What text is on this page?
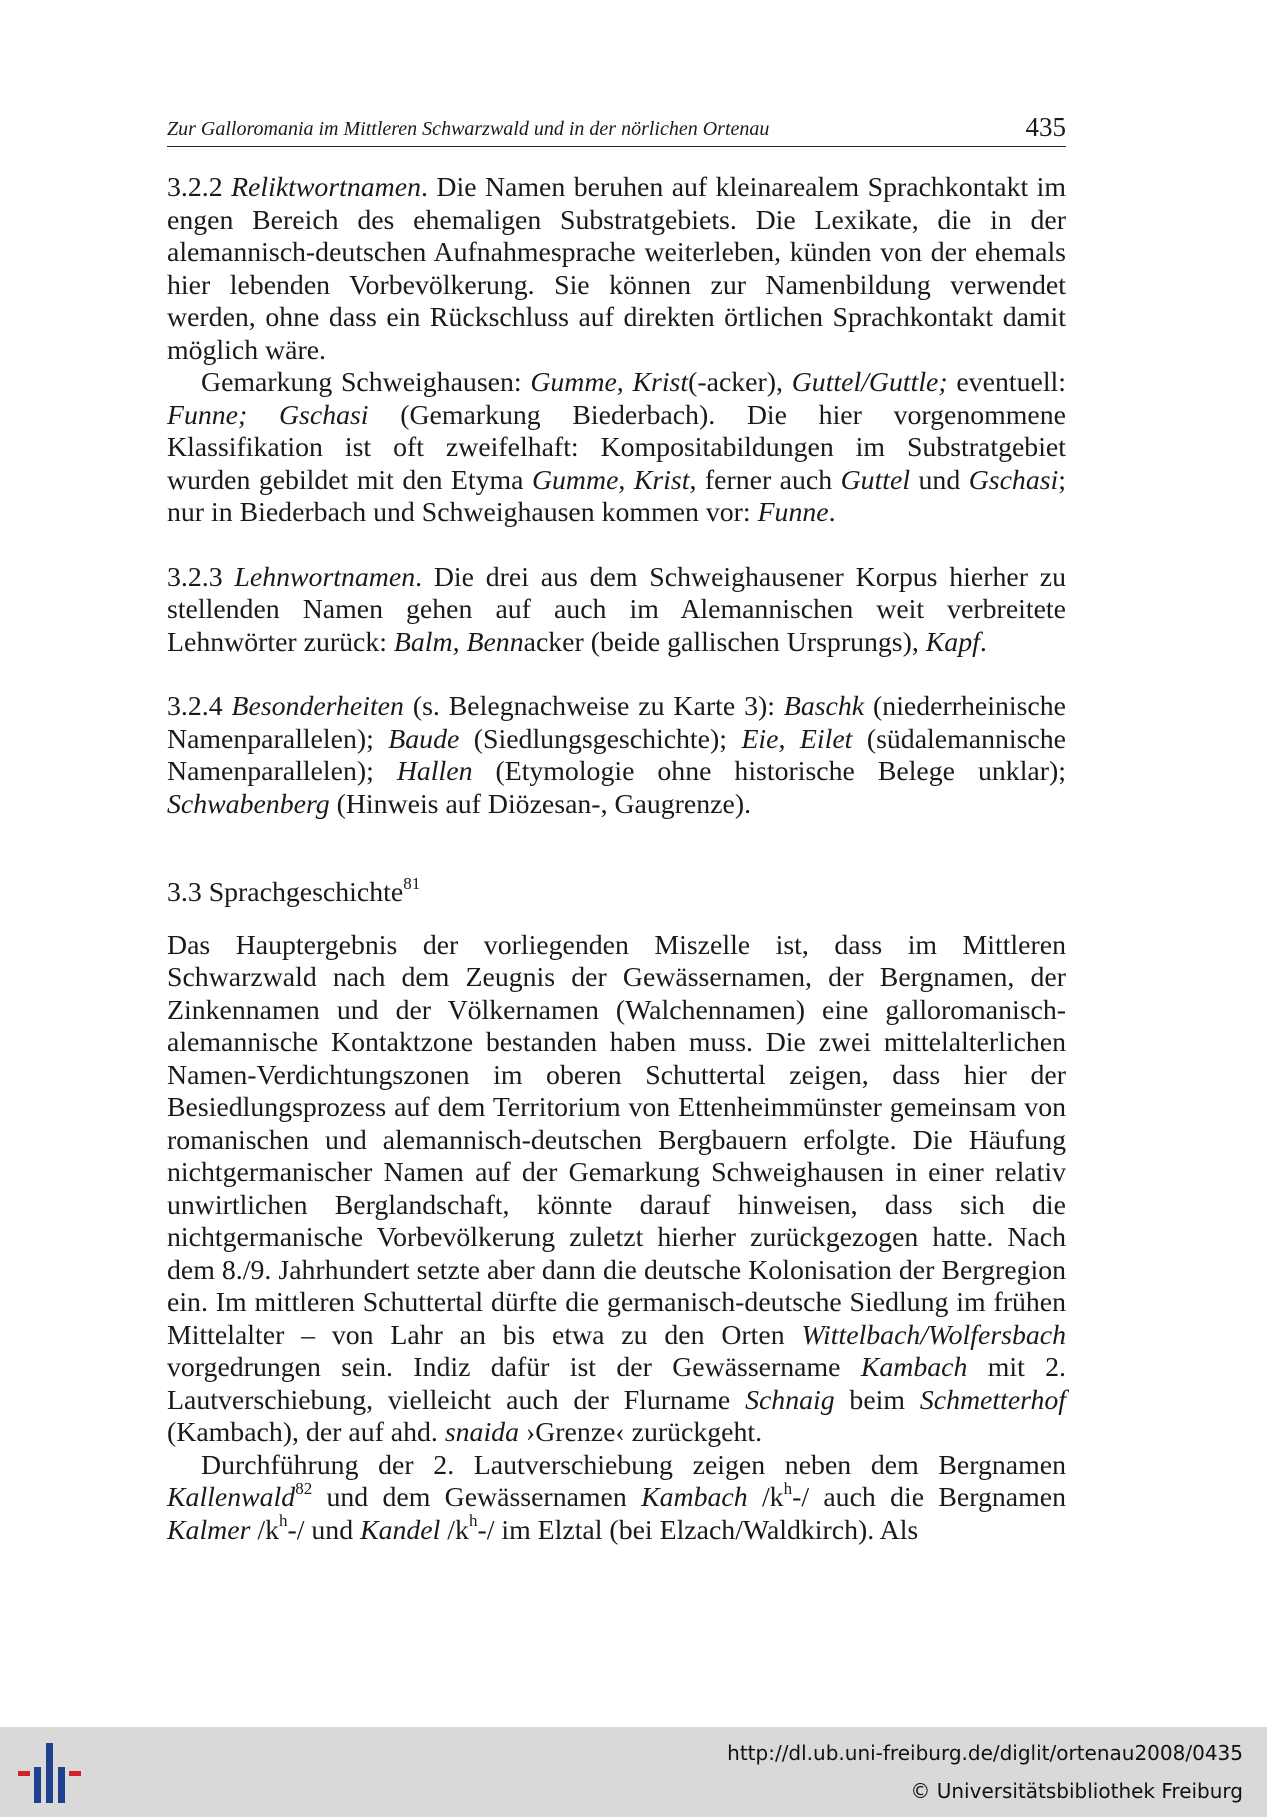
Zur Galloromania im Mittleren Schwarzwald und in der nörlichen Ortenau	435

3.2.2 Reliktwortnamen. Die Namen beruhen auf kleinarealem Sprachkontakt im engen Bereich des ehemaligen Substratgebiets. Die Lexikate, die in der alemannisch-deutschen Aufnahmesprache weiterleben, künden von der ehemals hier lebenden Vorbevölkerung. Sie können zur Namenbildung verwendet werden, ohne dass ein Rückschluss auf direkten örtlichen Sprachkontakt damit möglich wäre.

Gemarkung Schweighausen: Gumme, Krist(-acker), Guttel/Guttle; eventuell: Funne; Gschasi (Gemarkung Biederbach). Die hier vorgenommene Klassifikation ist oft zweifelhaft: Kompositabildungen im Substratgebiet wurden gebildet mit den Etyma Gumme, Krist, ferner auch Guttel und Gschasi; nur in Biederbach und Schweighausen kommen vor: Funne.

3.2.3 Lehnwortnamen. Die drei aus dem Schweighausener Korpus hierher zu stellenden Namen gehen auf auch im Alemannischen weit verbreitete Lehnwörter zurück: Balm, Bennacker (beide gallischen Ursprungs), Kapf.

3.2.4 Besonderheiten (s. Belegnachweise zu Karte 3): Baschk (niederrheinische Namenparallelen); Baude (Siedlungsgeschichte); Eie, Eilet (südalemannische Namenparallelen); Hallen (Etymologie ohne historische Belege unklar); Schwabenberg (Hinweis auf Diözesan-, Gaugrenze).

3.3 Sprachgeschichte$^{81}$

Das Hauptergebnis der vorliegenden Miszelle ist, dass im Mittleren Schwarzwald nach dem Zeugnis der Gewässernamen, der Bergnamen, der Zinkennamen und der Völkernamen (Walchennamen) eine galloromanisch-alemannische Kontaktzone bestanden haben muss. Die zwei mittelalterlichen Namen-Verdichtungszonen im oberen Schuttertal zeigen, dass hier der Besiedlungsprozess auf dem Territorium von Ettenheimmünster gemeinsam von romanischen und alemannisch-deutschen Bergbauern erfolgte. Die Häufung nichtgermanischer Namen auf der Gemarkung Schweighausen in einer relativ unwirtlichen Berglandschaft, könnte darauf hinweisen, dass sich die nichtgermanische Vorbevölkerung zuletzt hierher zurückgezogen hatte. Nach dem 8./9. Jahrhundert setzte aber dann die deutsche Kolonisation der Bergregion ein. Im mittleren Schuttertal dürfte die germanisch-deutsche Siedlung im frühen Mittelalter – von Lahr an bis etwa zu den Orten Wittelbach/Wolfersbach vorgedrungen sein. Indiz dafür ist der Gewässername Kambach mit 2. Lautverschiebung, vielleicht auch der Flurname Schnaig beim Schmetterhof (Kambach), der auf ahd. snaida ›Grenze‹ zurückgeht.

Durchführung der 2. Lautverschiebung zeigen neben dem Bergnamen Kallenwald$^{82}$ und dem Gewässernamen Kambach $/k^h-/$ auch die Bergnamen Kalmer $/k^h-/$ und Kandel $/k^h-/$ im Elztal (bei Elzach/Waldkirch). Als

http://dl.ub.uni-freiburg.de/diglit/ortenau2008/0435
© Universitätsbibliothek Freiburg
